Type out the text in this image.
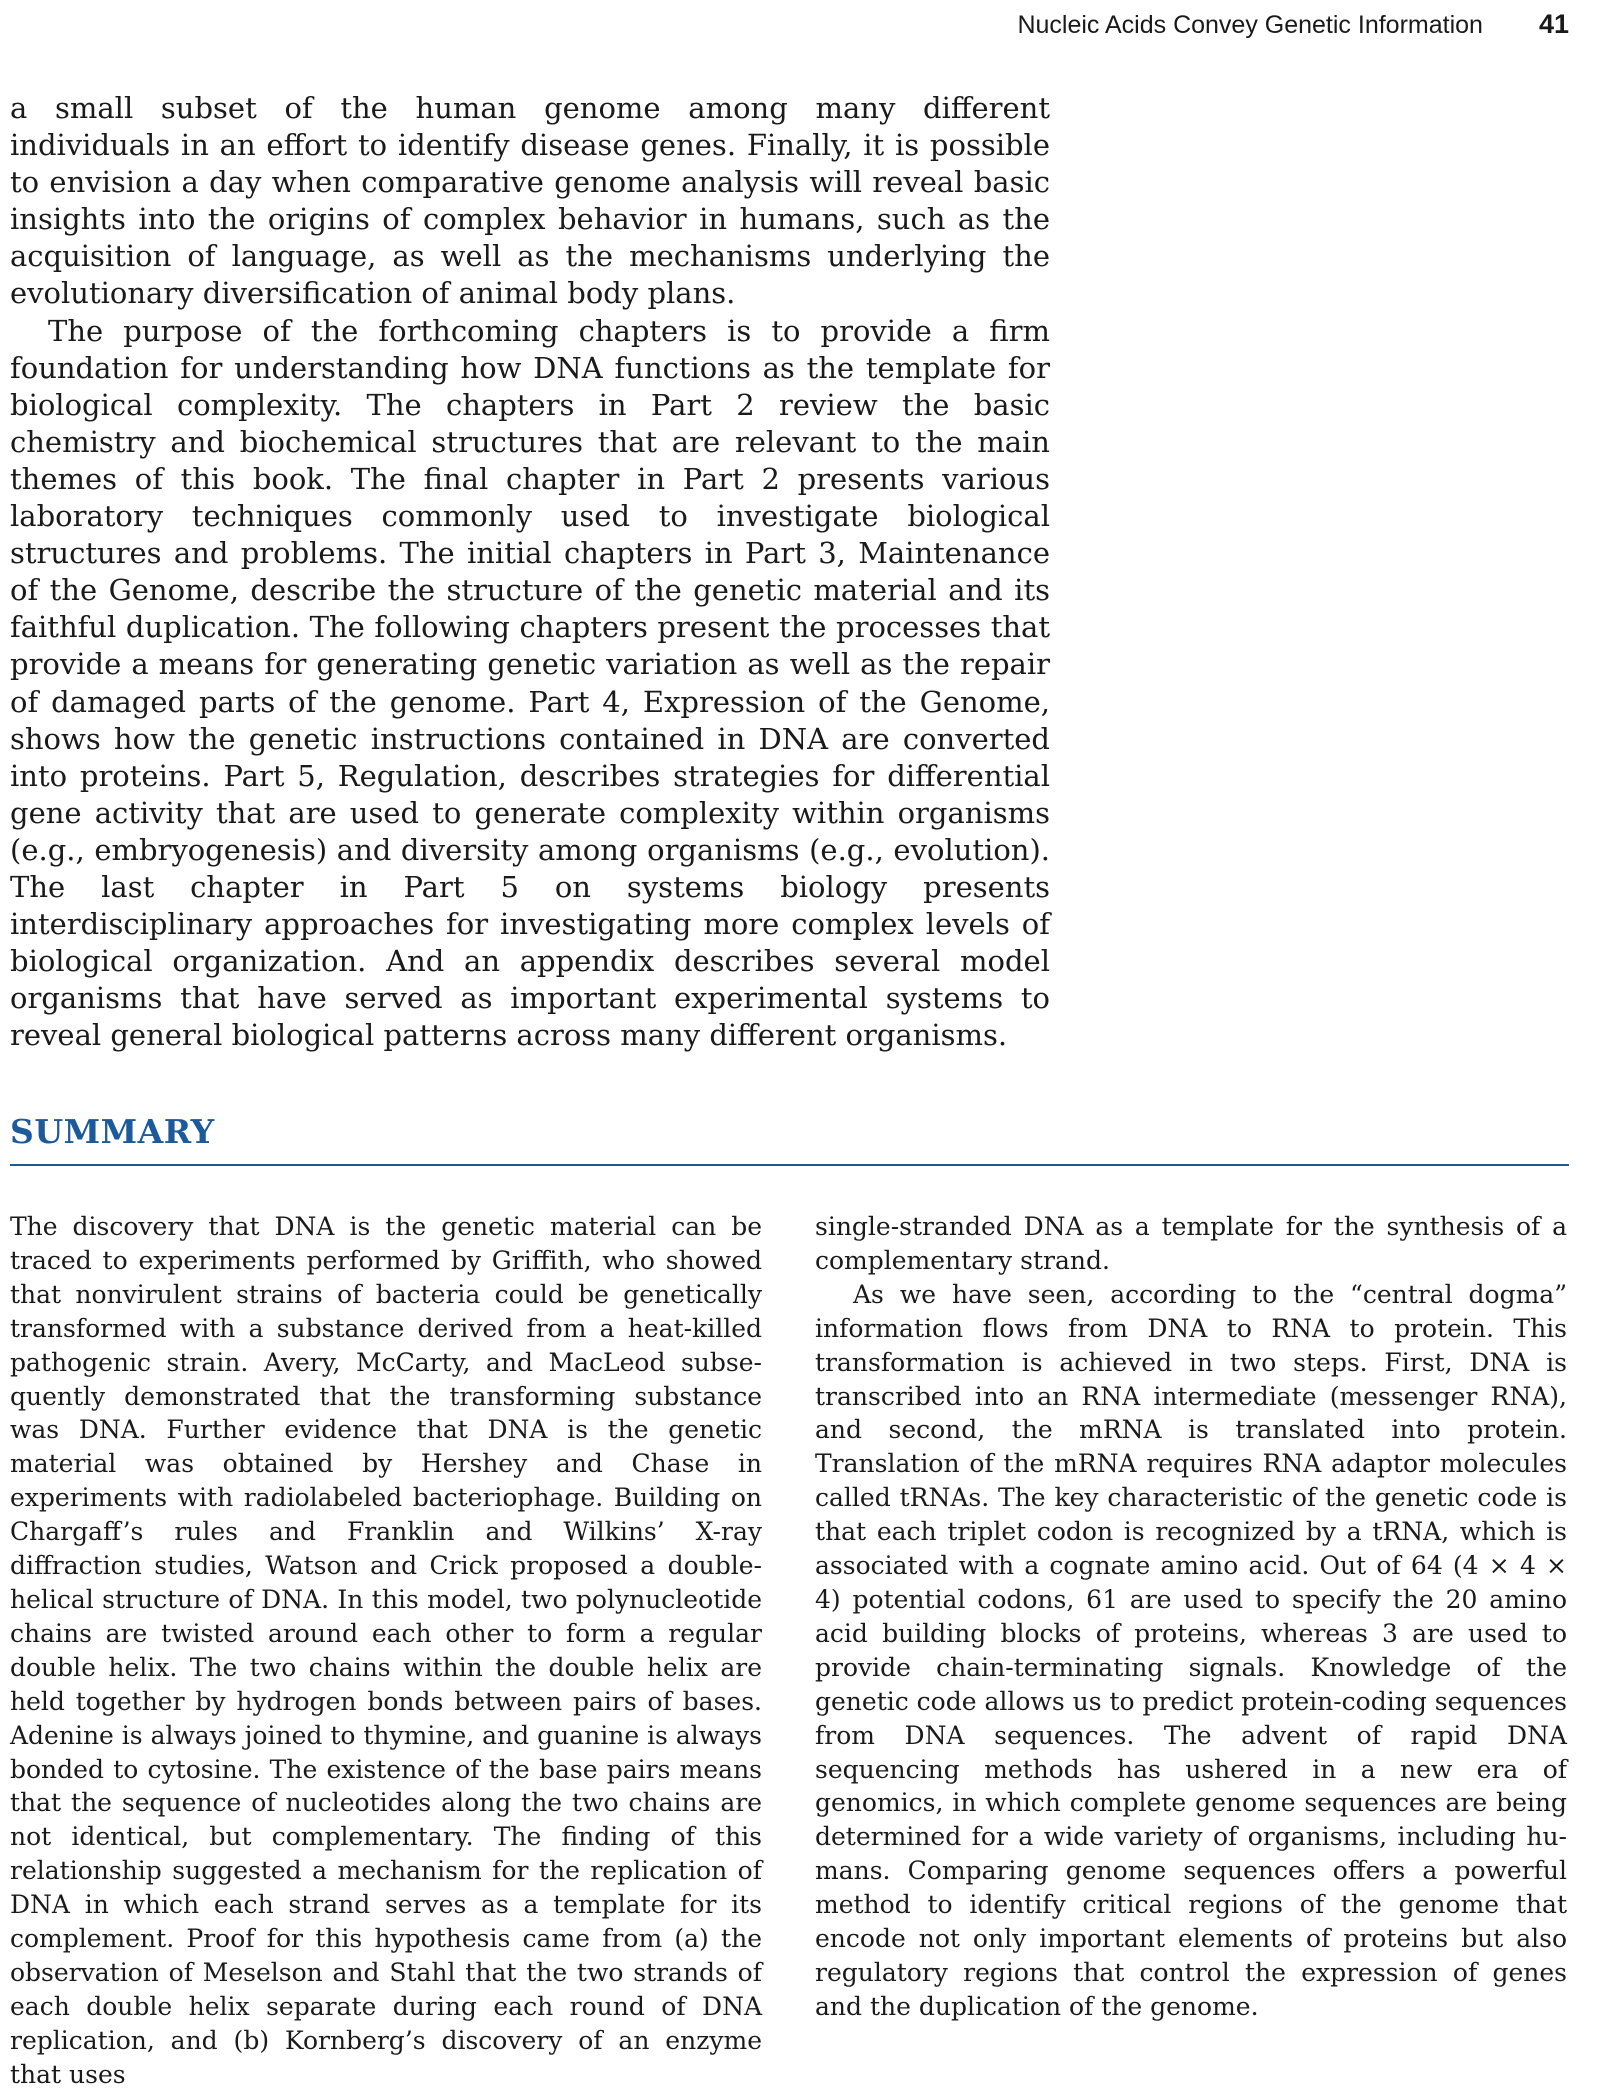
Nucleic Acids Convey Genetic Information 41

a small subset of the human genome among many different individuals in an effort to identify disease genes. Finally, it is possible to envision a day when comparative genome analysis will reveal basic insights into the origins of complex behavior in humans, such as the acquisition of language, as well as the mechanisms underlying the evolutionary diversification of animal body plans.

The purpose of the forthcoming chapters is to provide a firm foundation for understanding how DNA functions as the template for biological complexity. The chapters in Part 2 review the basic chemistry and biochemical structures that are relevant to the main themes of this book. The final chapter in Part 2 presents various laboratory techniques commonly used to investigate biological structures and problems. The initial chapters in Part 3, Maintenance of the Genome, describe the structure of the genetic material and its faithful duplication. The following chapters present the processes that provide a means for generating genetic variation as well as the repair of damaged parts of the genome. Part 4, Expression of the Genome, shows how the genetic instructions contained in DNA are converted into proteins. Part 5, Regulation, describes strategies for differential gene activity that are used to generate complexity within organisms (e.g., embryogenesis) and diversity among organisms (e.g., evolution). The last chapter in Part 5 on systems biology presents interdisciplinary approaches for investigating more complex levels of biological organization. And an appendix describes several model organisms that have served as important experimental systems to reveal general biological patterns across many different organisms.

SUMMARY

The discovery that DNA is the genetic material can be traced to experiments performed by Griffith, who showed that nonvirulent strains of bacteria could be genetically transformed with a substance derived from a heat-killed pathogenic strain. Avery, McCarty, and MacLeod subsequently demonstrated that the transforming substance was DNA. Further evidence that DNA is the genetic material was obtained by Hershey and Chase in experiments with radiolabeled bacteriophage. Building on Chargaff’s rules and Franklin and Wilkins’ X-ray diffraction studies, Watson and Crick proposed a double-helical structure of DNA. In this model, two polynucleotide chains are twisted around each other to form a regular double helix. The two chains within the double helix are held together by hydrogen bonds between pairs of bases. Adenine is always joined to thymine, and guanine is always bonded to cytosine. The existence of the base pairs means that the sequence of nucleotides along the two chains are not identical, but complementary. The finding of this relationship suggested a mechanism for the replication of DNA in which each strand serves as a template for its complement. Proof for this hypothesis came from (a) the observation of Meselson and Stahl that the two strands of each double helix separate during each round of DNA replication, and (b) Kornberg’s discovery of an enzyme that uses

single-stranded DNA as a template for the synthesis of a complementary strand.

As we have seen, according to the “central dogma” information flows from DNA to RNA to protein. This transformation is achieved in two steps. First, DNA is transcribed into an RNA intermediate (messenger RNA), and second, the mRNA is translated into protein. Translation of the mRNA requires RNA adaptor molecules called tRNAs. The key characteristic of the genetic code is that each triplet codon is recognized by a tRNA, which is associated with a cognate amino acid. Out of 64 (4 × 4 × 4) potential codons, 61 are used to specify the 20 amino acid building blocks of proteins, whereas 3 are used to provide chain-terminating signals. Knowledge of the genetic code allows us to predict protein-coding sequences from DNA sequences. The advent of rapid DNA sequencing methods has ushered in a new era of genomics, in which complete genome sequences are being determined for a wide variety of organisms, including humans. Comparing genome sequences offers a powerful method to identify critical regions of the genome that encode not only important elements of proteins but also regulatory regions that control the expression of genes and the duplication of the genome.
